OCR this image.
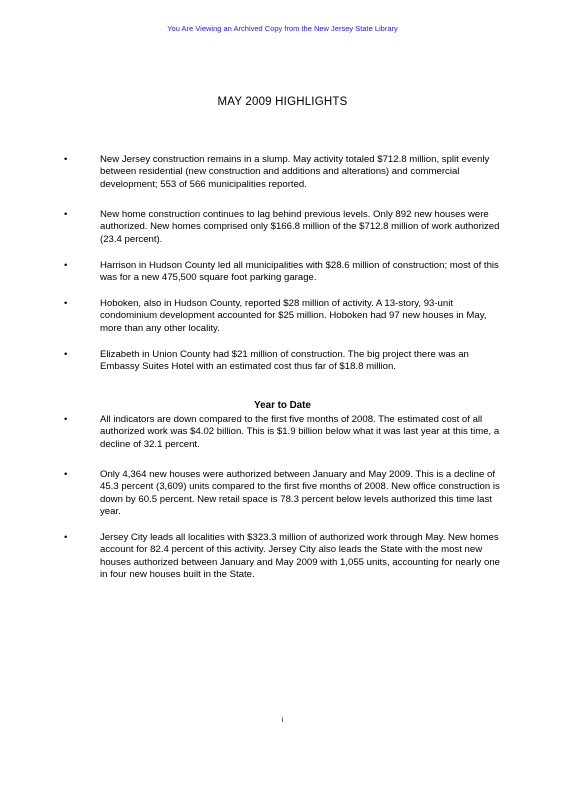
You Are Viewing an Archived Copy from the New Jersey State Library
MAY 2009 HIGHLIGHTS
•	New Jersey construction remains in a slump. May activity totaled $712.8 million, split evenly between residential (new construction and additions and alterations) and commercial development; 553 of 566 municipalities reported.
•	New home construction continues to lag behind previous levels. Only 892 new houses were authorized. New homes comprised only $166.8 million of the $712.8 million of work authorized (23.4 percent).
•	Harrison in Hudson County led all municipalities with $28.6 million of construction; most of this was for a new 475,500 square foot parking garage.
•	Hoboken, also in Hudson County, reported $28 million of activity. A 13-story, 93-unit condominium development accounted for $25 million. Hoboken had 97 new houses in May, more than any other locality.
•	Elizabeth in Union County had $21 million of construction. The big project there was an Embassy Suites Hotel with an estimated cost thus far of $18.8 million.
Year to Date
•	All indicators are down compared to the first five months of 2008. The estimated cost of all authorized work was $4.02 billion. This is $1.9 billion below what it was last year at this time, a decline of 32.1 percent.
•	Only 4,364 new houses were authorized between January and May 2009. This is a decline of 45.3 percent (3,609) units compared to the first five months of 2008. New office construction is down by 60.5 percent. New retail space is 78.3 percent below levels authorized this time last year.
•	Jersey City leads all localities with $323.3 million of authorized work through May. New homes account for 82.4 percent of this activity. Jersey City also leads the State with the most new houses authorized between January and May 2009 with 1,055 units, accounting for nearly one in four new houses built in the State.
i
